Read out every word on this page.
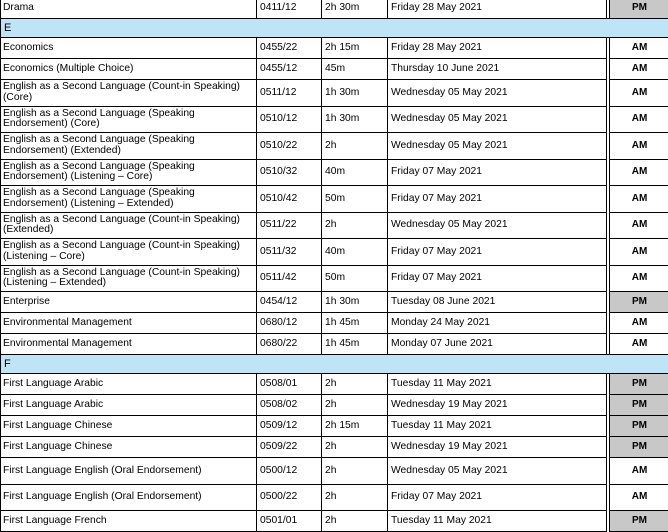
Drama	0411/12	2h 30m	Friday 28 May 2021		PM
E					
Economics	0455/22	2h 15m	Friday 28 May 2021		AM
Economics (Multiple Choice)	0455/12	45m	Thursday 10 June 2021		AM
English as a Second Language (Count-in Speaking) (Core)	0511/12	1h 30m	Wednesday 05 May 2021		AM
English as a Second Language (Speaking Endorsement) (Core)	0510/12	1h 30m	Wednesday 05 May 2021		AM
English as a Second Language (Speaking Endorsement) (Extended)	0510/22	2h	Wednesday 05 May 2021		AM
English as a Second Language (Speaking Endorsement) (Listening – Core)	0510/32	40m	Friday 07 May 2021		AM
English as a Second Language (Speaking Endorsement) (Listening – Extended)	0510/42	50m	Friday 07 May 2021		AM
English as a Second Language (Count-in Speaking) (Extended)	0511/22	2h	Wednesday 05 May 2021		AM
English as a Second Language (Count-in Speaking) (Listening – Core)	0511/32	40m	Friday 07 May 2021		AM
English as a Second Language (Count-in Speaking) (Listening – Extended)	0511/42	50m	Friday 07 May 2021		AM
Enterprise	0454/12	1h 30m	Tuesday 08 June 2021		PM
Environmental Management	0680/12	1h 45m	Monday 24 May 2021		AM
Environmental Management	0680/22	1h 45m	Monday 07 June 2021		AM
F					
First Language Arabic	0508/01	2h	Tuesday 11 May 2021		PM
First Language Arabic	0508/02	2h	Wednesday 19 May 2021		PM
First Language Chinese	0509/12	2h 15m	Tuesday 11 May 2021		PM
First Language Chinese	0509/22	2h	Wednesday 19 May 2021		PM
First Language English (Oral Endorsement)	0500/12	2h	Wednesday 05 May 2021		AM
First Language English (Oral Endorsement)	0500/22	2h	Friday 07 May 2021		AM
First Language French	0501/01	2h	Tuesday 11 May 2021		PM
